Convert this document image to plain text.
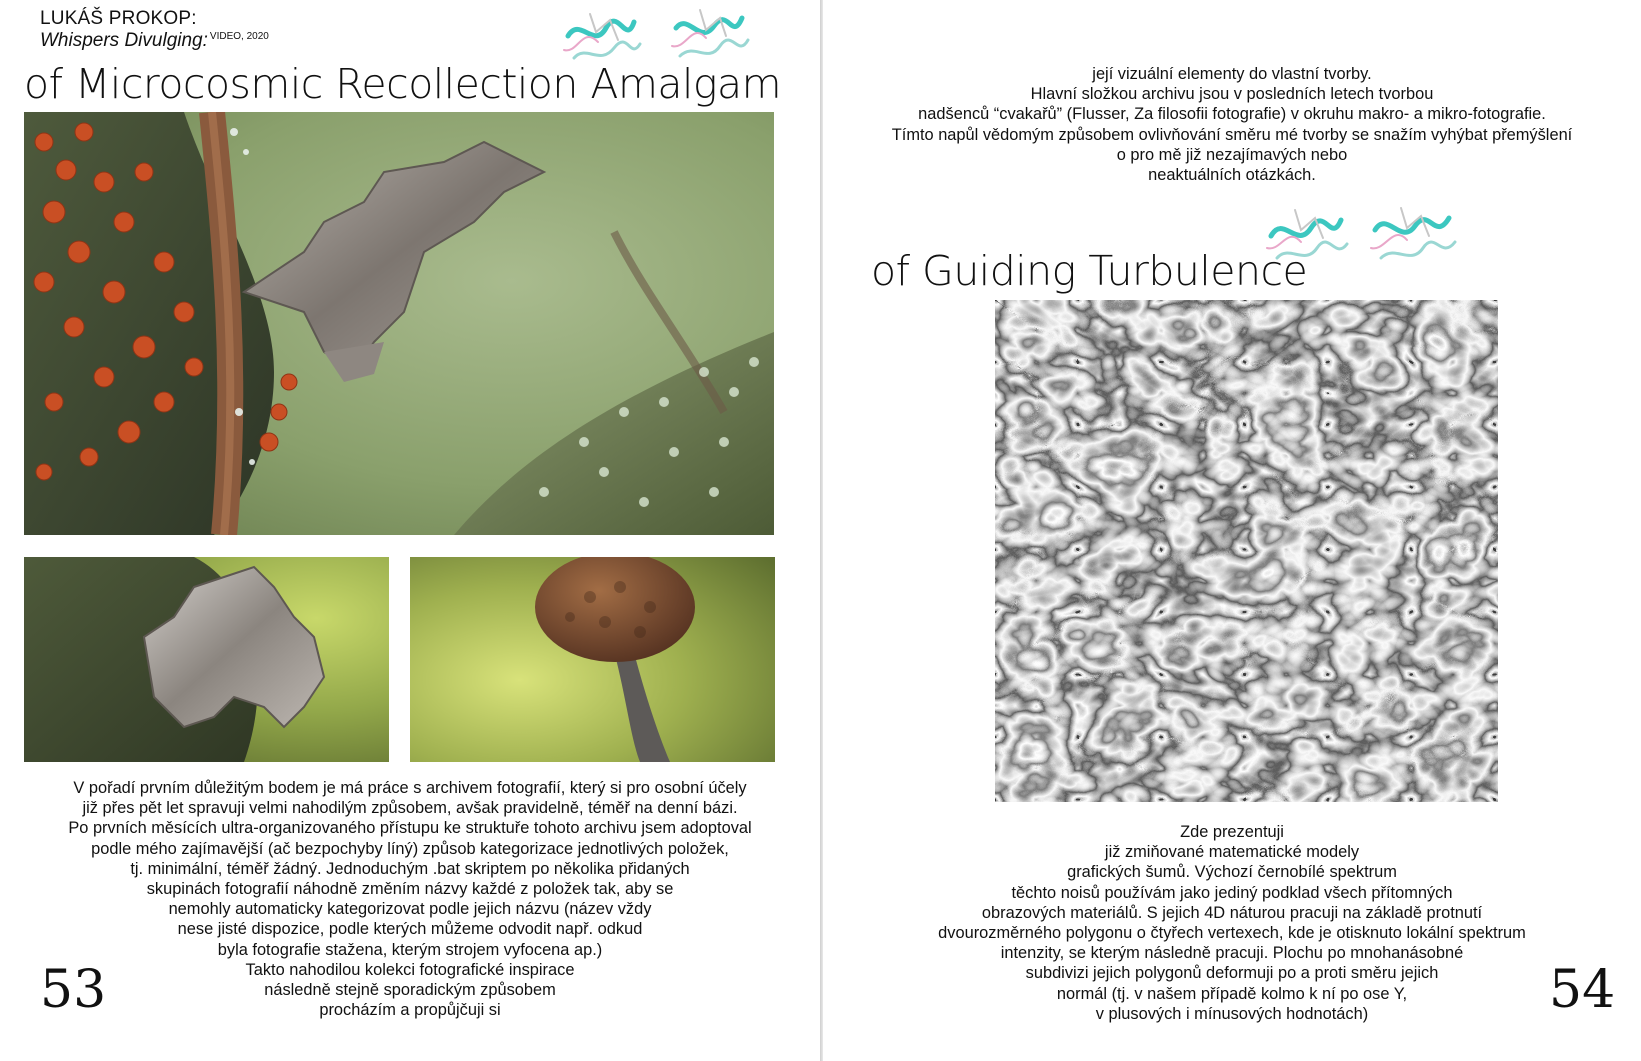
LUKÁŠ PROKOP:
Whispers Divulging: $^{VIDEO, 2020}$
of Microcosmic Recollection Amalgam
V pořadí prvním důležitým bodem je má práce s archivem fotografií, který si pro osobní účely
již přes pět let spravuji velmi nahodilým způsobem, avšak pravidelně, téměř na denní bázi.
Po prvních měsících ultra-organizovaného přístupu ke struktuře tohoto archivu jsem adoptoval
podle mého zajímavější (ač bezpochyby líný) způsob kategorizace jednotlivých položek,
tj. minimální, téměř žádný. Jednoduchým .bat skriptem po několika přidaných
skupinách fotografií náhodně změním názvy každé z položek tak, aby se
nemohly automaticky kategorizovat podle jejich názvu (název vždy
nese jisté dispozice, podle kterých můžeme odvodit např. odkud
byla fotografie stažena, kterým strojem vyfocena ap.)
Takto nahodilou kolekci fotografické inspirace
následně stejně sporadickým způsobem
procházím a propůjčuji si
53
její vizuální elementy do vlastní tvorby.
Hlavní složkou archivu jsou v posledních letech tvorbou
nadšenců “cvakařů” (Flusser, Za filosofii fotografie) v okruhu makro- a mikro-fotografie.
Tímto napůl vědomým způsobem ovlivňování směru mé tvorby se snažím vyhýbat přemýšlení
o pro mě již nezajímavých nebo
neaktuálních otázkách.
of Guiding Turbulence
Zde prezentuji
již zmiňované matematické modely
grafických šumů. Výchozí černobílé spektrum
těchto noisů používám jako jediný podklad všech přítomných
obrazových materiálů. S jejich 4D náturou pracuji na základě protnutí
dvourozměrného polygonu o čtyřech vertexech, kde je otisknuto lokální spektrum
intenzity, se kterým následně pracuji. Plochu po mnohanásobné
subdivizi jejich polygonů deformuji po a proti směru jejich
normál (tj. v našem případě kolmo k ní po ose Y,
v plusových i mínusových hodnotách)	54
